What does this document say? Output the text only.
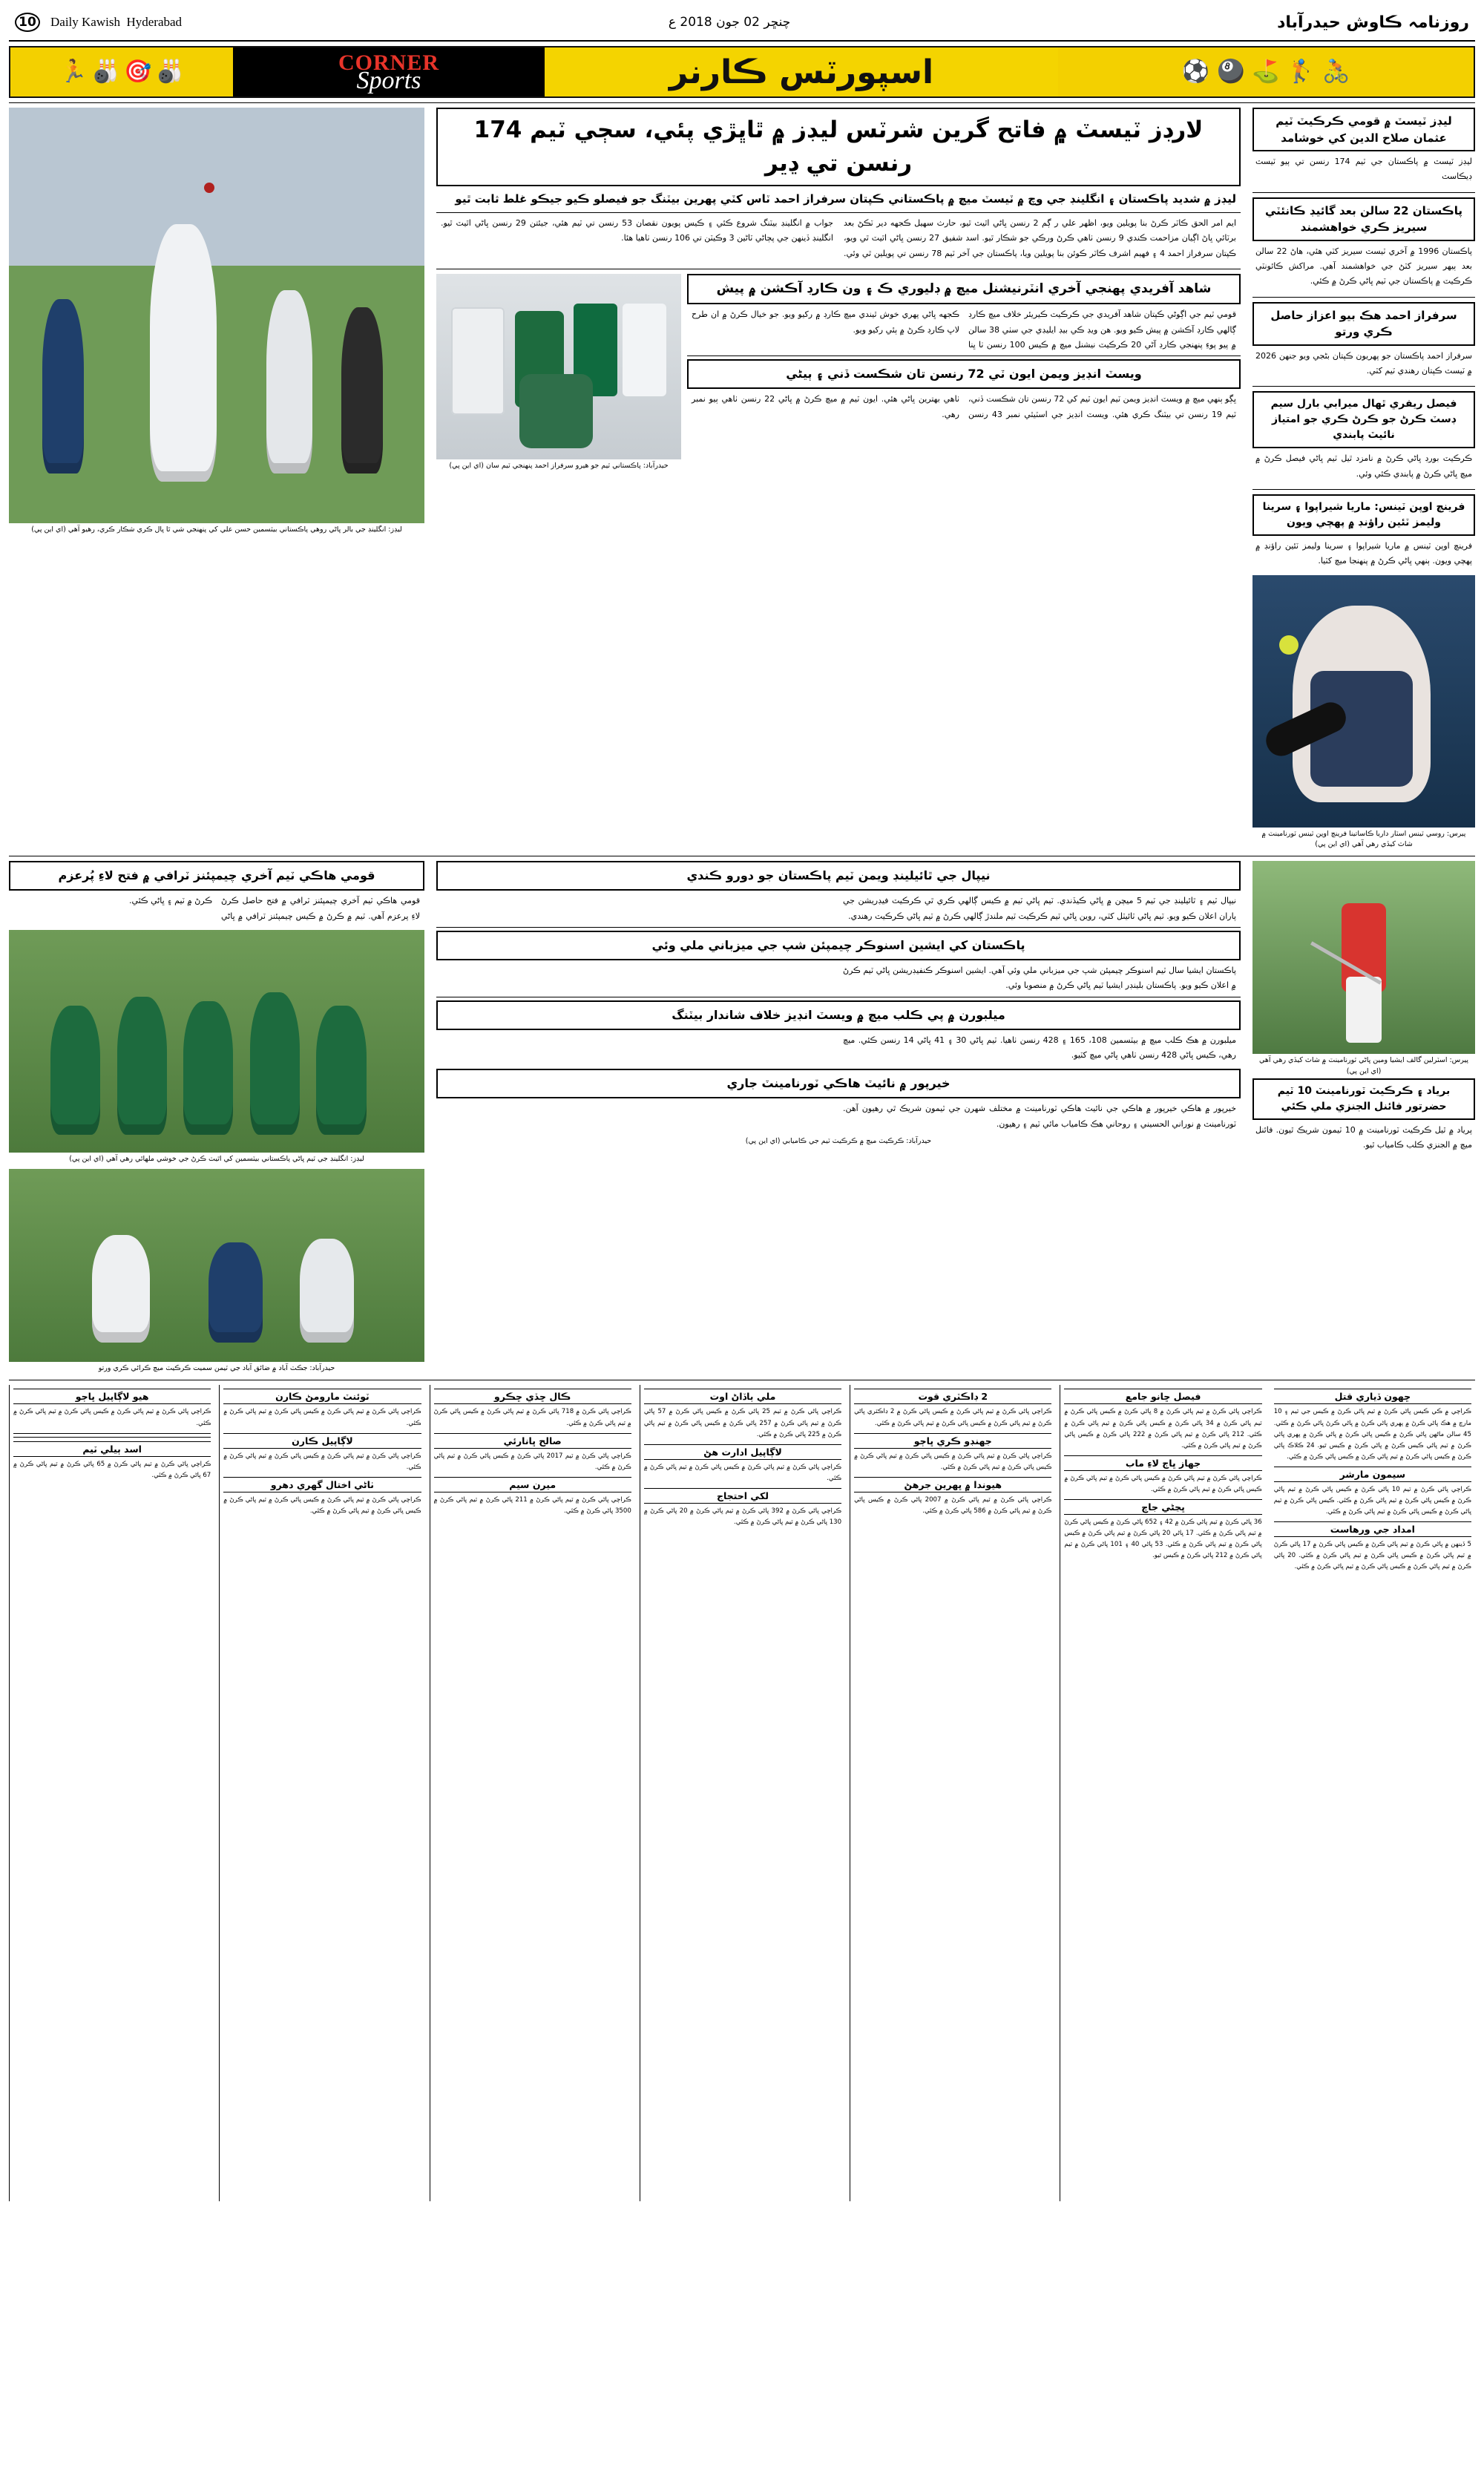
10	Daily Kawish Hyderabad	چنڇر 02 جون 2018 ع	روزنامہ ڪاوش حيدرآباد
🏃 🎳 🎯 🎳	CORNER
Sports	اسپورٽس ڪارنر	⚽ 🎱 ⛳ 🏌 🚴
ليڊز ٽيسٽ ۾ قومي ڪرڪيٽ ٽيم عثمان صلاح الدين کي خوشامد
ليڊز ٽيسٽ ۾ پاڪستان جي ٽيم 174 رنسن تي ٻيو ٽيسٽ ڊيڪاسٽ
پاڪستان 22 سالن بعد گائيڊ ڪانئٽي سيريز ڪري خواهشمند
پاڪستان 1996 ۾ آخري ٽيسٽ سيريز کٽي هئي، هاڻ 22 سالن بعد ٻيهر سيريز کٽڻ جي خواهشمند آهي. مراکش ڪائونٽي ڪرڪيٽ ۾ پاڪستان جي ٽيم ڀاڻي ڪرڻ ۾ ڪئي.
سرفراز احمد هڪ بيو اعزاز حاصل ڪري ورتو
سرفراز احمد پاڪستان جو پهريون ڪپتان بڻجي ويو جنهن 2026 ۾ ٽيسٽ ڪپتان رهندي ٽيم کٽي.
فيصل ريفري ٿهال ميرابي بارل سيم ڊسٽ ڪرڻ جو ڪرڻ ڪري جو امتياز نائيٽ پابندي
ڪرڪيٽ بورڊ ڀاڻي ڪرڻ ۾ نامزد ٿيل ٽيم ڀاڻي فيصل ڪرڻ ۾ ميچ ڀاڻي ڪرڻ ۾ پابندي ڪئي وئي.
فرينچ اوپن ٽينس: ماريا شيراپوا ۽ سرينا وليمز ٽئين راؤنڊ ۾ پهچي ويون
فرينچ اوپن ٽينس ۾ ماريا شيراپوا ۽ سرينا وليمز ٽئين راؤنڊ ۾ پهچي ويون. ٻنهي ڀاڻي ڪرڻ ۾ پنهنجا ميچ کٽيا.
پيرس: روسي ٽينس اسٽار داريا ڪاساتينا فرينچ اوپن ٽينس ٽورنامينٽ ۾ شاٽ کيڏي رهي آهي (اي اين پي)
لارڊز ٽيسٽ ۾ فاتح گرين شرٽس ليڊز ۾ ٿاڀڙي پئي، سڄي ٽيم 174 رنسن تي ڍير
ليڊز ۾ شديد پاڪستان ۽ انگلينڊ جي وچ ۾ ٽيسٽ ميچ ۾ پاڪستاني ڪپتان سرفراز احمد ٽاس کٽي پهرين بيٽنگ جو فيصلو ڪيو جيڪو غلط ثابت ٿيو
ايم امر الحق ڪاٽر ڪرڻ بنا پويلين ويو، اظهر علي ر ڳم 2 رنسن ڀاڻي اٿيٽ ٿيو، حارث سهيل ڪجهه دير ٽڪڻ بعد برٽائي ڀاڻ اڳيان مزاحمت ڪندي 9 رنسن ٺاهي ڪرڻ ورڪي جو شڪار ٿيو. اسد شفيق 27 رنسن ڀاڻي اٿيٽ ٿي ويو، ڪپتان سرفراز احمد 4 ۽ فهيم اشرف ڪاٽر ڪوئن بنا پويلين ويا، پاڪستان جي آخر ٽيم 78 رنسن تي پويلين ٿي وئي. جواب ۾ انگلينڊ بيٽنگ شروع ڪئي ۽ ڪيس پويون نقصان 53 رنسن تي ٽيم هئي، جيئتن 29 رنسن ڀاڻي اٿيٽ ٿيو. انگلينڊ ڏينهن جي پڄاڻي ٽاڻين 3 وڪيٽن تي 106 رنسن ٺاهيا هئا.
حيدرآباد: پاڪستاني ٽيم جو هيرو سرفراز احمد پنهنجي ٽيم سان (اي اين پي)
شاهد آفريدي پهنجي آخري انٽرنيشنل ميچ ۾ ڊليوري ڪ ۽ ون ڪارڊ آڪشن ۾ پيش
قومي ٽيم جي اڳوڻي ڪپتان شاهد آفريدي جي ڪرڪيٽ ڪيريئر خلاف ميچ ڪارڊ ڳالهي ڪارڊ آڪشن ۾ پيش ڪيو ويو. هن ويڊ ڪي بيڊ ايليڊي جي سٺي 38 سالن ۾ پيو پوءِ پنهنجي ڪارڊ آڻي 20 ڪرڪيٽ نيشنل ميچ ۾ ڪيس 100 رنسن ٺا ڀنا ڪجهه ڀاڻي پهري خوش ٿيندي ميچ ڪارڊ ۾ رکيو ويو. جو خيال ڪرڻ ۾ ان طرح لاڀ ڪارڊ ڪرڻ ۾ ٻئي رکيو ويو.
ويسٽ انڊيز ويمن ايون ٽي 72 رنسن تان شڪست ڏني ۽ ٻيڻي
ڀڳو ٻنهي ميچ ۾ ويسٽ انڊيز ويمن ٽيم ايون ٽيم کي 72 رنسن تان شڪست ڏني، ٽيم 19 رنسن تي بيٽنگ ڪري هئي. ويسٽ انڊيز جي اسٽيٿي نمبر 43 رنسن ٺاهي بهترين ڀاڻي هئي. ايون ٽيم ۾ ميچ ڪرڻ ۾ ڀاڻي 22 رنسن ٺاهي ٻيو نمبر رهي.
ليڊز: انگلينڊ جي بالر ڀاڻي روهي پاڪستاني بيٽسمين حسن علي کي پنهنجي شي ٿا ڀال ڪري شڪار ڪري، رهيو آهي (اي اين پي)
پيرس: اسٽرلين گالف ايشيا ومين ڀاڻي ٽورنامينٽ ۾ شاٽ کيڏي رهي آهي (اي اين پي)
برياد ۽ ڪرڪيٽ ٽورنامينٽ 10 ٽيم حضرتور فائنل الجنزي ملي ڪئي
پرياد ۾ ٿيل ڪرڪيٽ ٽورنامينٽ ۾ 10 ٽيمون شريڪ ٿيون. فائنل ميچ ۾ الجنزي ڪلب ڪامياب ٿيو.
نيپال جي ٿائيلينڊ ويمن ٽيم پاڪستان جو دورو ڪندي
نيپال ٽيم ۽ ٿائيلينڊ جي ٽيم 5 ميچن ۾ ڀاڻي ڪيڏندي. ٽيم ڀاڻي ٽيم ۾ ڪيس ڳالهي ڪري ٿي ڪرڪيٽ فيڊريشن جي پاران اعلان ڪيو ويو. ٽيم ڀاڻي ٽائيٽل کٽي، روين ڀاڻي ٽيم ڪرڪيٽ ٽيم ملندڙ ڳالهي ڪرڻ ۾ ٽيم ڀاڻي ڪرڪيٽ رهندي.
پاڪستان کي ايشين اسنوڪر چيمپئن شپ جي ميزباني ملي وئي
پاڪستان ايشيا سال ٽيم اسنوڪر چيمپئن شپ جي ميزباني ملي وئي آهي. ايشين اسنوڪر ڪنفيڊريشن ڀاڻي ٽيم ڪرڻ ۾ اعلان ڪيو ويو. پاڪستان بلينڊر ايشيا ٽيم ڀاڻي ڪرڻ ۾ منصوبا وئي.
ميلبورن ۾ پي ڪلب ميچ ۾ ويسٽ انڊيز خلاف شاندار بيٽنگ
ميلبورن ۾ هڪ ڪلب ميچ ۾ بيٽسمين 108، 165 ۽ 428 رنسن ٺاهيا. ٽيم ڀاڻي 30 ۽ 41 ڀاڻي 14 رنسن ڪئي. ميچ رهي، ڪيس ڀاڻي 428 رنسن ٺاهي ڀاڻي ميچ کٽيو.
خيرپور ۾ نائيٽ هاڪي ٽورنامينٽ جاري
خيرپور ۾ هاڪي خيرپور ۾ هاڪي جي نائيٽ هاڪي ٽورنامينٽ ۾ مختلف شهرن جي ٽيمون شريڪ ٿي رهيون آهن. ٽورنامينٽ ۾ نوراني الحسيني ۽ روحاني هڪ ڪامياب مائي ٽيم ۽ رهيون.
حيدرآباد: ڪرڪيٽ ميچ ۾ ڪرڪيٽ ٽيم جي ڪاميابي (اي اين پي)
قومي هاڪي ٽيم آخري چيمپئنز ٽرافي ۾ فتح لاءِ پُرعزم
قومي هاڪي ٽيم آخري چيمپئنز ٽرافي ۾ فتح حاصل ڪرڻ لاءِ پرعزم آهي. ٽيم ۾ ڪرڻ ۾ ڪيس چيمپئنز ٽرافي ۾ ڀاڻي ڪرڻ ۾ ٽيم ۽ ڀاڻي ڪئي.
ليڊز: انگلينڊ جي ٽيم ڀاڻي پاڪستاني بيٽسمين کي اٿيٽ ڪرڻ جي خوشي ملهائي رهي آهي (اي اين پي)
حيدرآباد: جڪٽ آباد ۾ ضائق آباد جي ٽيمن سميت ڪرڪيٽ ميچ ڪرائي ڪري ورتو
هيو لاڳاپيل ڀاڄو
ڪراچي ڀاڻي ڪرڻ ۾ ٽيم ڀاڻي ڪرڻ ۾ ڪيس ڀاڻي ڪرڻ ۾ ٽيم ڀاڻي ڪرڻ ۾ ڪئي.
اسد ٻيلي ٽيم
ڪراچي ڀاڻي ڪرڻ ۾ ٽيم ڀاڻي ڪرڻ ۾ 65 ڀاڻي ڪرڻ ۾ ٽيم ڀاڻي ڪرڻ ۾ 67 ڀاڻي ڪرڻ ۾ ڪئي.
ٽوئنٽ مارومڻ ڪارن
ڪراچي ڀاڻي ڪرڻ ۾ ٽيم ڀاڻي ڪرڻ ۾ ڪيس ڀاڻي ڪرڻ ۾ ٽيم ڀاڻي ڪرڻ ۾ ڪئي.
لاڳاپيل ڪارن
ڪراچي ڀاڻي ڪرڻ ۾ ٽيم ڀاڻي ڪرڻ ۾ ڪيس ڀاڻي ڪرڻ ۾ ٽيم ڀاڻي ڪرڻ ۾ ڪئي.
ٺاڻي اختال گهري دهرو
ڪراچي ڀاڻي ڪرڻ ۾ ٽيم ڀاڻي ڪرڻ ۾ ڪيس ڀاڻي ڪرڻ ۾ ٽيم ڀاڻي ڪرڻ ۾ ڪيس ڀاڻي ڪرڻ ۾ ٽيم ڀاڻي ڪرڻ ۾ ڪئي.
ڪال ڇڏي ڇڪرو
ڪراچي ڀاڻي ڪرڻ ۾ 718 ڀاڻي ڪرڻ ۾ ٽيم ڀاڻي ڪرڻ ۾ ڪيس ڀاڻي ڪرڻ ۾ ٽيم ڀاڻي ڪرڻ ۾ ڪئي.
صالح ڀانارئي
ڪراچي ڀاڻي ڪرڻ ۾ ٽيم 2017 ڀاڻي ڪرڻ ۾ ڪيس ڀاڻي ڪرڻ ۾ ٽيم ڀاڻي ڪرڻ ۾ ڪئي.
ميرن سيم
ڪراچي ڀاڻي ڪرڻ ۾ ٽيم ڀاڻي ڪرڻ ۾ 211 ڀاڻي ڪرڻ ۾ ٽيم ڀاڻي ڪرڻ ۾ 3500 ڀاڻي ڪرڻ ۾ ڪئي.
ملي ٻاڏاڻ اوت
ڪراچي ڀاڻي ڪرڻ ۾ ٽيم 25 ڀاڻي ڪرڻ ۾ ڪيس ڀاڻي ڪرڻ ۾ 57 ڀاڻي ڪرڻ ۾ ٽيم ڀاڻي ڪرڻ ۾ 257 ڀاڻي ڪرڻ ۾ ڪيس ڀاڻي ڪرڻ ۾ ٽيم ڀاڻي ڪرڻ ۾ 225 ڀاڻي ڪرڻ ۾ ڪئي.
لاڳاپيل ادارت هڻ
ڪراچي ڀاڻي ڪرڻ ۾ ٽيم ڀاڻي ڪرڻ ۾ ڪيس ڀاڻي ڪرڻ ۾ ٽيم ڀاڻي ڪرڻ ۾ ڪئي.
لکي احتجاج
ڪراچي ڀاڻي ڪرڻ ۾ 392 ڀاڻي ڪرڻ ۾ ٽيم ڀاڻي ڪرڻ ۾ 20 ڀاڻي ڪرڻ ۾ 130 ڀاڻي ڪرڻ ۾ ٽيم ڀاڻي ڪرڻ ۾ ڪئي.
2 ڊاڪٽري قوت
ڪراچي ڀاڻي ڪرڻ ۾ ٽيم ڀاڻي ڪرڻ ۾ ڪيس ڀاڻي ڪرڻ ۾ 2 ڊاڪٽري ڀاڻي ڪرڻ ۾ ٽيم ڀاڻي ڪرڻ ۾ ڪيس ڀاڻي ڪرڻ ۾ ٽيم ڀاڻي ڪرڻ ۾ ڪئي.
جهنڊو ڪري ڀاڄو
ڪراچي ڀاڻي ڪرڻ ۾ ٽيم ڀاڻي ڪرڻ ۾ ڪيس ڀاڻي ڪرڻ ۾ ٽيم ڀاڻي ڪرڻ ۾ ڪيس ڀاڻي ڪرڻ ۾ ٽيم ڀاڻي ڪرڻ ۾ ڪئي.
هيوندا ۾ ڀهرين جرهڻ
ڪراچي ڀاڻي ڪرڻ ۾ ٽيم ڀاڻي ڪرڻ ۾ 2007 ڀاڻي ڪرڻ ۾ ڪيس ڀاڻي ڪرڻ ۾ ٽيم ڀاڻي ڪرڻ ۾ 586 ڀاڻي ڪرڻ ۾ ڪئي.
فيصل ڇانو جامع
ڪراچي ڀاڻي ڪرڻ ۾ ٽيم ڀاڻي ڪرڻ ۾ 8 ڀاڻي ڪرڻ ۾ ڪيس ڀاڻي ڪرڻ ۾ ٽيم ڀاڻي ڪرڻ ۾ 34 ڀاڻي ڪرڻ ۾ ڪيس ڀاڻي ڪرڻ ۾ ٽيم ڀاڻي ڪرڻ ۾ ڪئي. 212 ڀاڻي ڪرڻ ۾ ٽيم ڀاڻي ڪرڻ ۾ 222 ڀاڻي ڪرڻ ۾ ڪيس ڀاڻي ڪرڻ ۾ ٽيم ڀاڻي ڪرڻ ۾ ڪئي.
جهاز ڀاڄ لاءِ ماب
ڪراچي ڀاڻي ڪرڻ ۾ ٽيم ڀاڻي ڪرڻ ۾ ڪيس ڀاڻي ڪرڻ ۾ ٽيم ڀاڻي ڪرڻ ۾ ڪيس ڀاڻي ڪرڻ ۾ ٽيم ڀاڻي ڪرڻ ۾ ڪئي.
ڀڃڻي جاچ
36 ڀاڻي ڪرڻ ۾ ٽيم ڀاڻي ڪرڻ ۾ 42 ۽ 652 ڀاڻي ڪرڻ ۾ ڪيس ڀاڻي ڪرڻ ۾ ٽيم ڀاڻي ڪرڻ ۾ ڪئي. 17 ڀاڻي 20 ڀاڻي ڪرڻ ۾ ٽيم ڀاڻي ڪرڻ ۾ ڪيس ڀاڻي ڪرڻ ۾ ٽيم ڀاڻي ڪرڻ ۾ ڪئي. 53 ڀاڻي 40 ۽ 101 ڀاڻي ڪرڻ ۾ ٽيم ڀاڻي ڪرڻ ۾ 212 ڀاڻي ڪرڻ ۾ ڪيس ٿيو.
ڇهون ڏياري قتل
ڪراچي ۾ ڪي ڪيس ڀاڻي ڪرڻ ۾ ٽيم ڀاڻي ڪرڻ ۾ ڪيس جي ٽيم ۽ 10 مارچ ۾ هڪ ڀاڻي ڪرڻ ۾ پهري ڀاڻي ڪرڻ ۾ ڀاڻي ڪرڻ ڀاڻي ڪرڻ ۾ ڪئي. 45 سالن ماڻهن ڀاڻي ڪرڻ ۾ ڪيس ڀاڻي ڪرڻ ۾ ڀاڻي ڪرڻ ۾ پهري ڀاڻي ڪرڻ ۾ ٽيم ڀاڻي ڪيس ڪرڻ ۾ ڀاڻي ڪرڻ ۾ ڪيس ٿيو. 24 ڪلاڪ ڀاڻي ڪرڻ ۾ ڪيس ڀاڻي ڪرڻ ۾ ٽيم ڀاڻي ڪرڻ ۾ ڪيس ڀاڻي ڪرڻ ۾ ڪئي.
سيمون مارشر
ڪراچي ڀاڻي ڪرڻ ۾ ٽيم 10 ڀاڻي ڪرڻ ۾ ڪيس ڀاڻي ڪرڻ ۾ ٽيم ڀاڻي ڪرڻ ۾ ڪيس ڀاڻي ڪرڻ ۾ ٽيم ڀاڻي ڪرڻ ۾ ڪئي. ڪيس ڀاڻي ڪرڻ ۾ ٽيم ڀاڻي ڪرڻ ۾ ڪيس ڀاڻي ڪرڻ ۾ ٽيم ڀاڻي ڪرڻ ۾ ڪئي.
امداد جي ورهاست
5 ڏينهن ۾ ڀاڻي ڪرڻ ۾ ٽيم ڀاڻي ڪرڻ ۾ ڪيس ڀاڻي ڪرڻ ۾ 17 ڀاڻي ڪرڻ ۾ ٽيم ڀاڻي ڪرڻ ۾ ڪيس ڀاڻي ڪرڻ ۾ ٽيم ڀاڻي ڪرڻ ۾ ڪئي. 20 ڀاڻي ڪرڻ ۾ ٽيم ڀاڻي ڪرڻ ۾ ڪيس ڀاڻي ڪرڻ ۾ ٽيم ڀاڻي ڪرڻ ۾ ڪئي.
